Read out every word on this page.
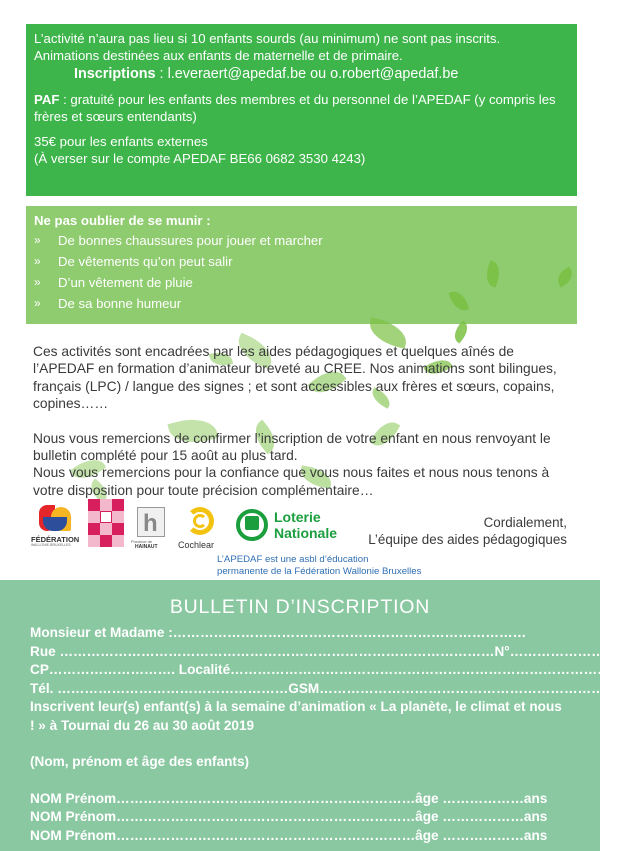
L’activité n’aura pas lieu si 10 enfants sourds (au minimum) ne sont pas inscrits.

Animations destinées aux enfants de maternelle et de primaire.

Inscriptions : l.everaert@apedaf.be ou o.robert@apedaf.be

PAF : gratuité pour les enfants des membres et du personnel de l’APEDAF (y compris les frères et sœurs entendants)

35€ pour les enfants externes

(À verser sur le compte APEDAF BE66 0682 3530 4243)

Ne pas oublier de se munir :
» De bonnes chaussures pour jouer et marcher
» De vêtements qu’on peut salir
» D’un vêtement de pluie
» De sa bonne humeur

Ces activités sont encadrées par les aides pédagogiques et quelques aînés de l’APEDAF en formation d’animateur breveté au CREE. Nos animations sont bilingues, français (LPC) / langue des signes ; et sont accessibles aux frères et sœurs, copains, copines……

Nous vous remercions de confirmer l’inscription de votre enfant en nous renvoyant le bulletin complété pour 15 août au plus tard.

Nous vous remercions pour la confiance que vous nous faites et nous nous tenons à votre disposition pour toute précision complémentaire…

FÉDÉRATION
WALLONIE-BRUXELLES
h
Province de
HAINAUT Cochlear
Loterie
Nationale
Cordialement,
L’équipe des aides pédagogiques
L’APEDAF est une asbl d’éducation
permanente de la Fédération Wallonie Bruxelles
BULLETIN D’INSCRIPTION
Monsieur et Madame :……………………………………………………………………
Rue ……………………………………………………………………………………N°……………………
CP………………………. Localité……………………………………………………………………………
Tél. ……………………………………………GSM……………………………………………………………
Inscrivent leur(s) enfant(s) à la semaine d’animation « La planète, le climat et nous ! » à Tournai du 26 au 30 août 2019
(Nom, prénom et âge des enfants)
NOM Prénom…………………………………………………………âge ………………ans
NOM Prénom…………………………………………………………âge ………………ans
NOM Prénom…………………………………………………………âge ………………ans
